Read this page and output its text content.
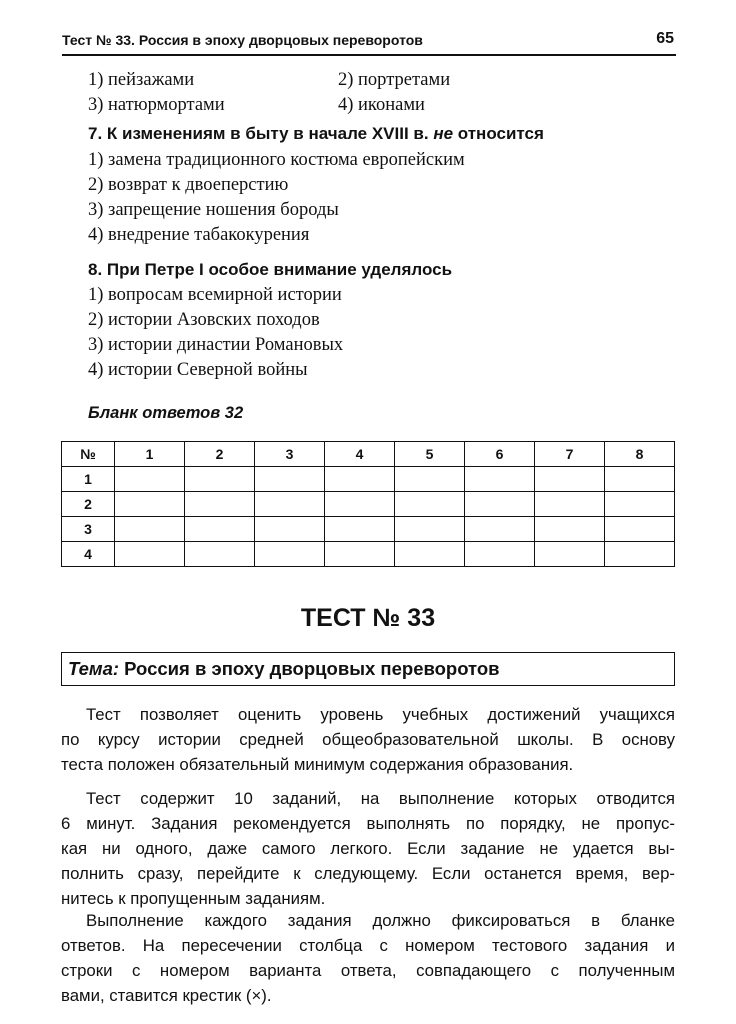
Тест № 33. Россия в эпоху дворцовых переворотов	65
1) пейзажами	2) портретами
3) натюрмортами	4) иконами
7. К изменениям в быту в начале XVIII в. не относится
1) замена традиционного костюма европейским
2) возврат к двоеперстию
3) запрещение ношения бороды
4) внедрение табакокурения
8. При Петре I особое внимание уделялось
1) вопросам всемирной истории
2) истории Азовских походов
3) истории династии Романовых
4) истории Северной войны
Бланк ответов 32
№	1	2	3	4	5	6	7	8
1								
2								
3								
4								
ТЕСТ № 33
Тема: Россия в эпоху дворцовых переворотов
Тест позволяет оценить уровень учебных достижений учащихся
по курсу истории средней общеобразовательной школы. В основу
теста положен обязательный минимум содержания образования.
Тест содержит 10 заданий, на выполнение которых отводится
6 минут. Задания рекомендуется выполнять по порядку, не пропус-
кая ни одного, даже самого легкого. Если задание не удается вы-
полнить сразу, перейдите к следующему. Если останется время, вер-
нитесь к пропущенным заданиям.
Выполнение каждого задания должно фиксироваться в бланке
ответов. На пересечении столбца с номером тестового задания и
строки с номером варианта ответа, совпадающего с полученным
вами, ставится крестик (×).
